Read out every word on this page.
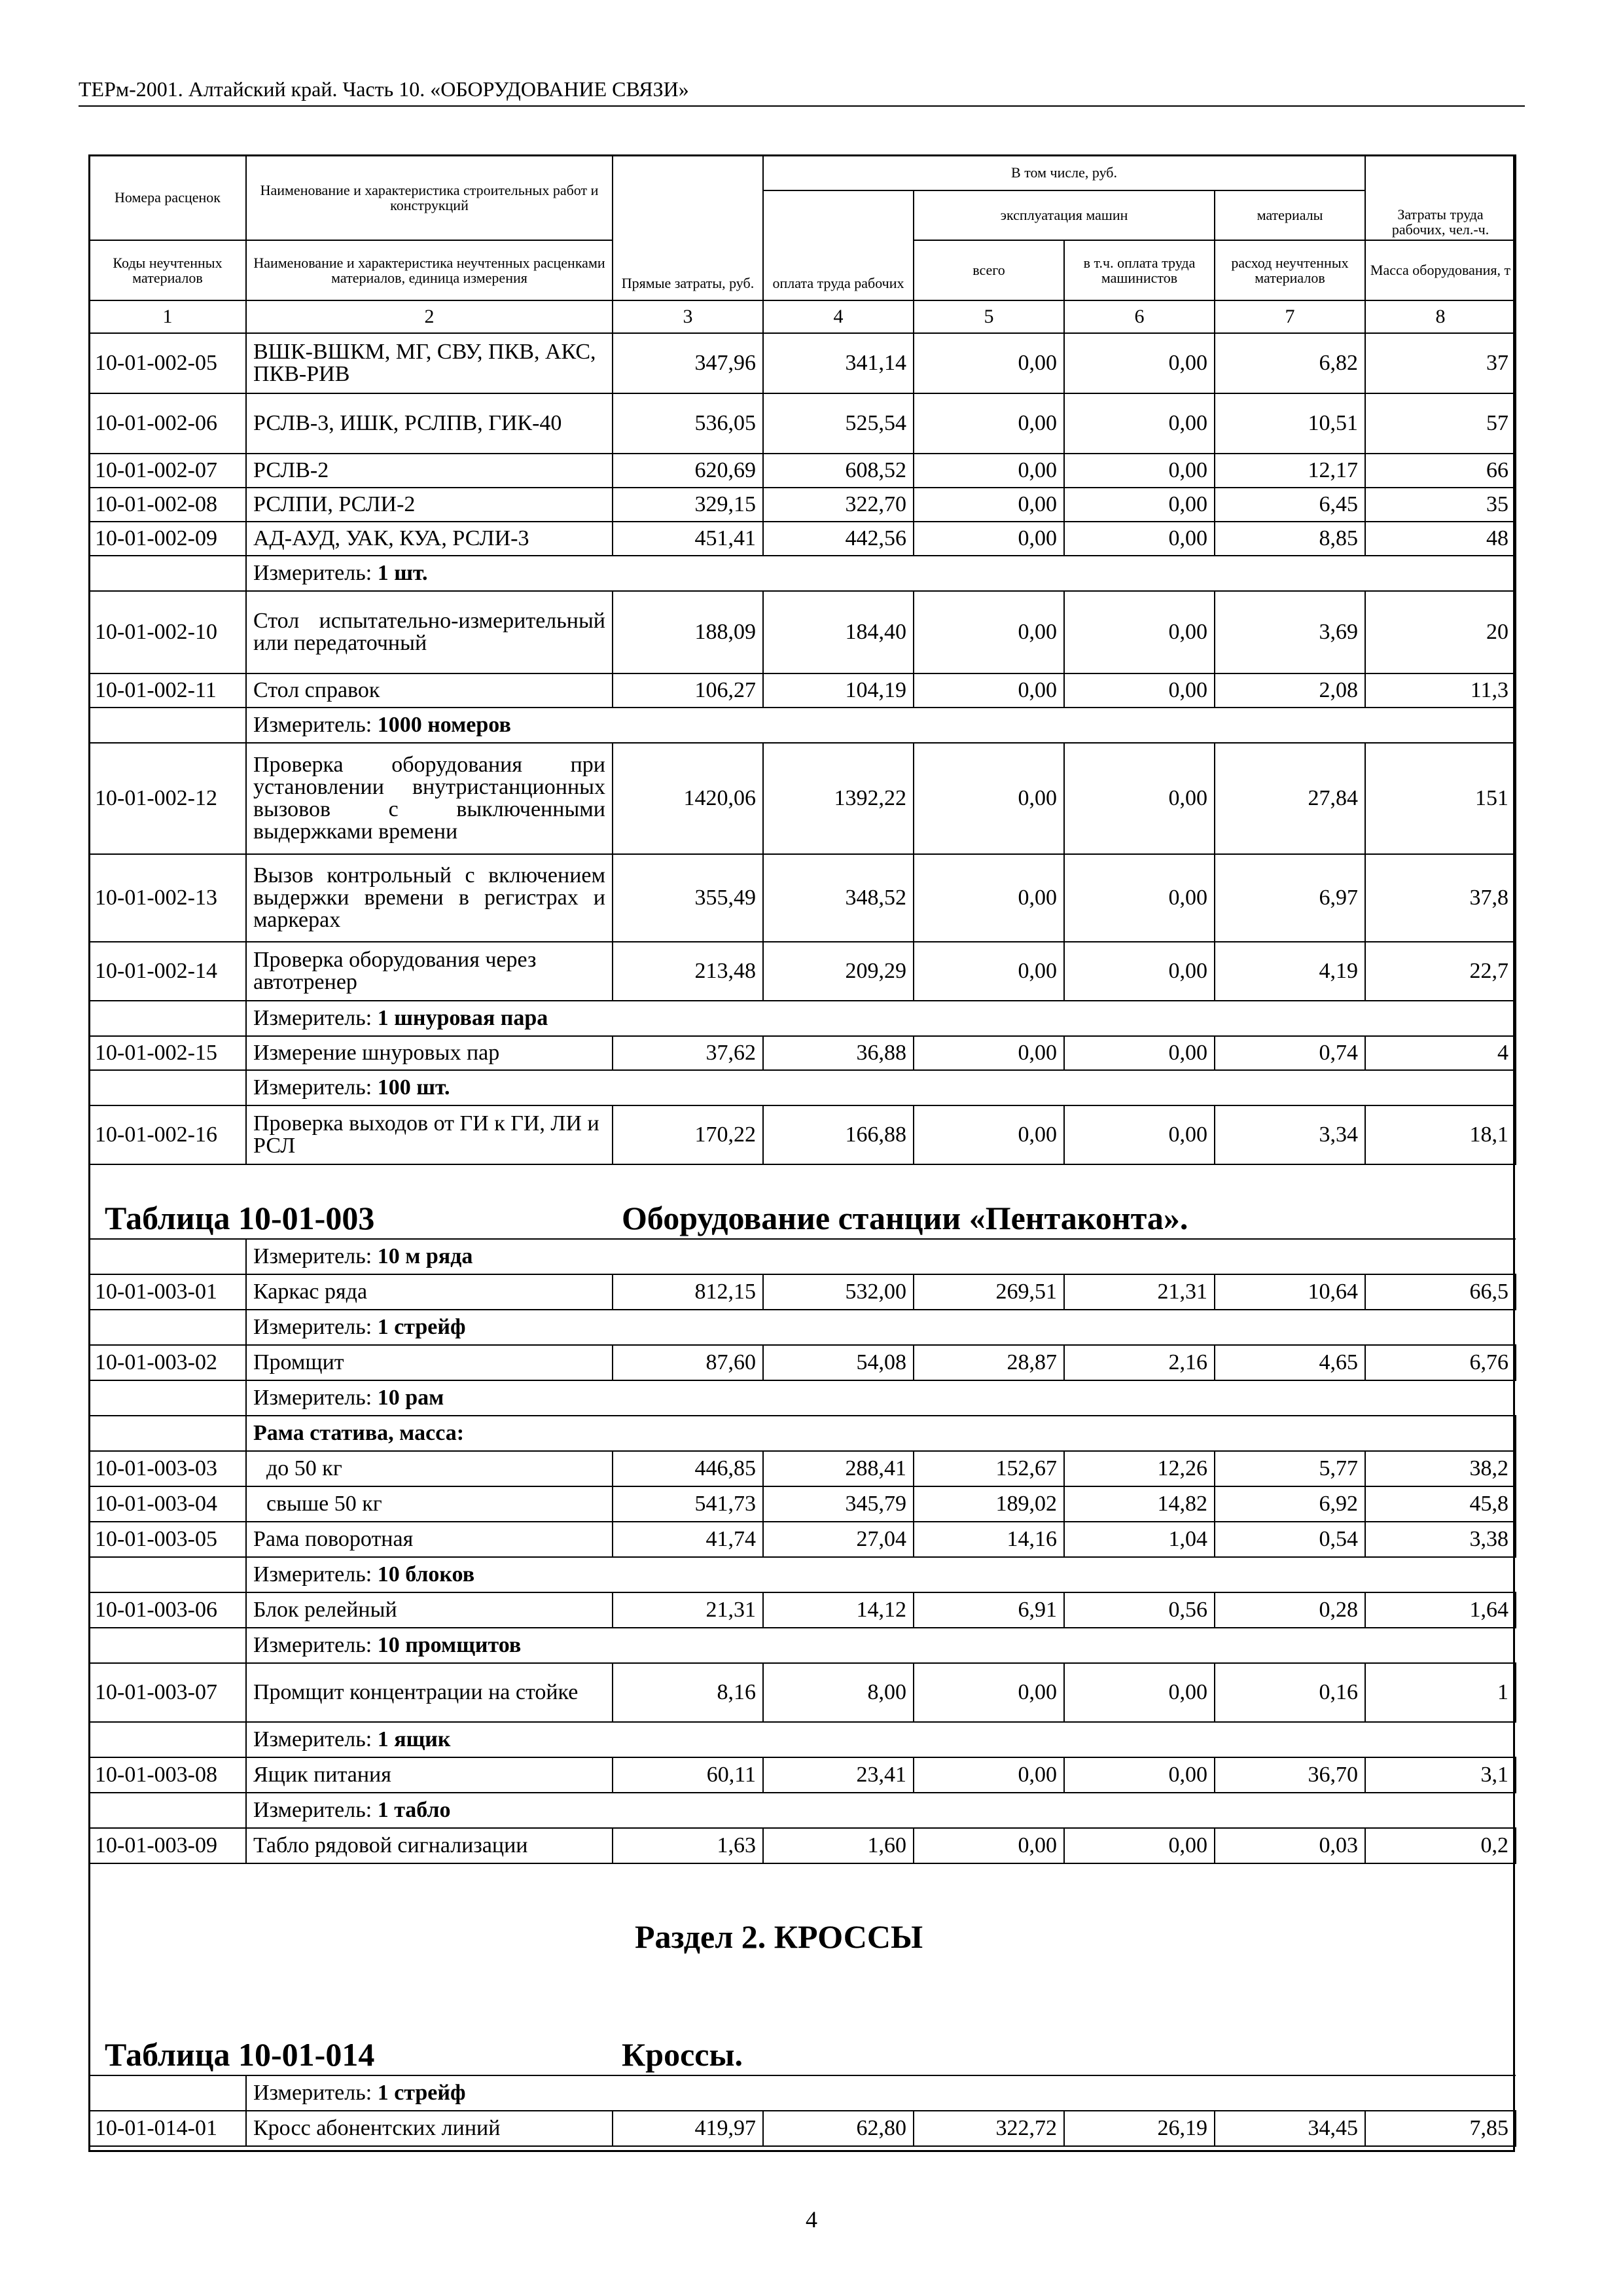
ТЕРм-2001. Алтайский край. Часть 10. «ОБОРУДОВАНИЕ СВЯЗИ»
Номера расценок	Наименование и характеристика строительных работ и конструкций	Прямые затраты, руб.	В том числе, руб.				Затраты труда рабочих, чел.-ч.
			оплата труда рабочих	эксплуатация машин		материалы	
Коды неучтенных материалов	Наименование и характеристика неучтенных расценками материалов, единица измерения			всего	в т.ч. оплата труда машинистов	расход неучтенных материалов	Масса оборудования, т
1	2	3	4	5	6	7	8
10-01-002-05	ВШК-ВШКМ, МГ, СВУ, ПКВ, АКС, ПКВ-РИВ	347,96	341,14	0,00	0,00	6,82	37
10-01-002-06	РСЛВ-3, ИШК, РСЛПВ, ГИК-40	536,05	525,54	0,00	0,00	10,51	57
10-01-002-07	РСЛВ-2	620,69	608,52	0,00	0,00	12,17	66
10-01-002-08	РСЛПИ, РСЛИ-2	329,15	322,70	0,00	0,00	6,45	35
10-01-002-09	АД-АУД, УАК, КУА, РСЛИ-3	451,41	442,56	0,00	0,00	8,85	48
	Измеритель: 1 шт.						
10-01-002-10	Стол испытательно-измерительный или передаточный	188,09	184,40	0,00	0,00	3,69	20
10-01-002-11	Стол справок	106,27	104,19	0,00	0,00	2,08	11,3
	Измеритель: 1000 номеров						
10-01-002-12	Проверка оборудования при установлении внутристанционных вызовов с выключенными выдержками времени	1420,06	1392,22	0,00	0,00	27,84	151
10-01-002-13	Вызов контрольный с включением выдержки времени в регистрах и маркерах	355,49	348,52	0,00	0,00	6,97	37,8
10-01-002-14	Проверка оборудования через автотренер	213,48	209,29	0,00	0,00	4,19	22,7
	Измеритель: 1 шнуровая пара						
10-01-002-15	Измерение шнуровых пар	37,62	36,88	0,00	0,00	0,74	4
	Измеритель: 100 шт.						
10-01-002-16	Проверка выходов от ГИ к ГИ, ЛИ и РСЛ	170,22	166,88	0,00	0,00	3,34	18,1
Таблица 10-01-003	Оборудование станции «Пентаконта».
	Измеритель: 10 м ряда						
10-01-003-01	Каркас ряда	812,15	532,00	269,51	21,31	10,64	66,5
	Измеритель: 1 стрейф						
10-01-003-02	Промщит	87,60	54,08	28,87	2,16	4,65	6,76
	Измеритель: 10 рам						
	Рама статива, масса:						
10-01-003-03	до 50 кг	446,85	288,41	152,67	12,26	5,77	38,2
10-01-003-04	свыше 50 кг	541,73	345,79	189,02	14,82	6,92	45,8
10-01-003-05	Рама поворотная	41,74	27,04	14,16	1,04	0,54	3,38
	Измеритель: 10 блоков						
10-01-003-06	Блок релейный	21,31	14,12	6,91	0,56	0,28	1,64
	Измеритель: 10 промщитов						
10-01-003-07	Промщит концентрации на стойке	8,16	8,00	0,00	0,00	0,16	1
	Измеритель: 1 ящик						
10-01-003-08	Ящик питания	60,11	23,41	0,00	0,00	36,70	3,1
	Измеритель: 1 табло						
10-01-003-09	Табло рядовой сигнализации	1,63	1,60	0,00	0,00	0,03	0,2
Раздел 2. КРОССЫ
Таблица 10-01-014	Кроссы.
	Измеритель: 1 стрейф						
10-01-014-01	Кросс абонентских линий	419,97	62,80	322,72	26,19	34,45	7,85
4
